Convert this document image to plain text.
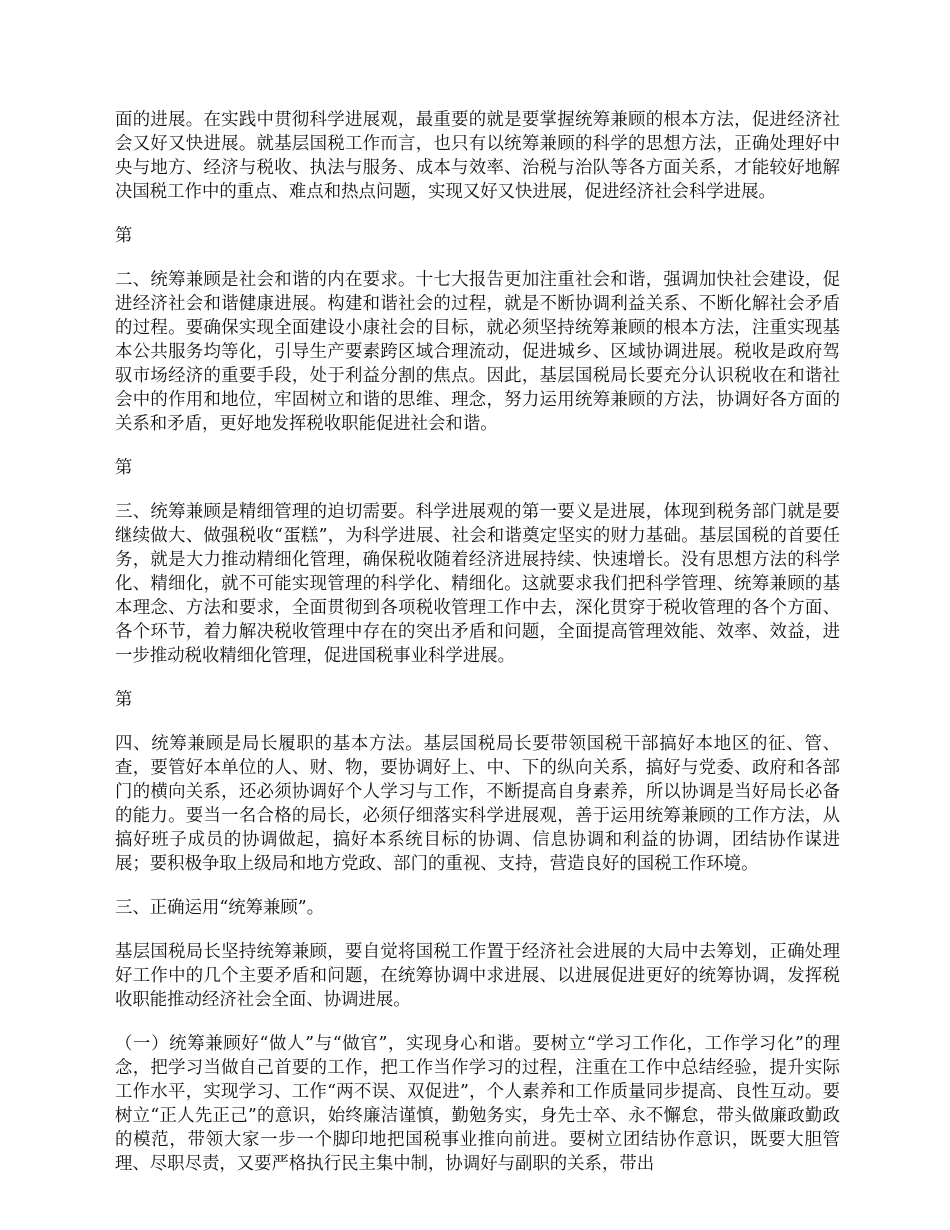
面的进展。在实践中贯彻科学进展观，最重要的就是要掌握统筹兼顾的根本方法，促进经济社会又好又快进展。就基层国税工作而言，也只有以统筹兼顾的科学的思想方法，正确处理好中央与地方、经济与税收、执法与服务、成本与效率、治税与治队等各方面关系，才能较好地解决国税工作中的重点、难点和热点问题，实现又好又快进展，促进经济社会科学进展。

第

二、统筹兼顾是社会和谐的内在要求。十七大报告更加注重社会和谐，强调加快社会建设，促进经济社会和谐健康进展。构建和谐社会的过程，就是不断协调利益关系、不断化解社会矛盾的过程。要确保实现全面建设小康社会的目标，就必须坚持统筹兼顾的根本方法，注重实现基本公共服务均等化，引导生产要素跨区域合理流动，促进城乡、区域协调进展。税收是政府驾驭市场经济的重要手段，处于利益分割的焦点。因此，基层国税局长要充分认识税收在和谐社会中的作用和地位，牢固树立和谐的思维、理念，努力运用统筹兼顾的方法，协调好各方面的关系和矛盾，更好地发挥税收职能促进社会和谐。

第

三、统筹兼顾是精细管理的迫切需要。科学进展观的第一要义是进展，体现到税务部门就是要继续做大、做强税收“蛋糕”，为科学进展、社会和谐奠定坚实的财力基础。基层国税的首要任务，就是大力推动精细化管理，确保税收随着经济进展持续、快速增长。没有思想方法的科学化、精细化，就不可能实现管理的科学化、精细化。这就要求我们把科学管理、统筹兼顾的基本理念、方法和要求，全面贯彻到各项税收管理工作中去，深化贯穿于税收管理的各个方面、各个环节，着力解决税收管理中存在的突出矛盾和问题，全面提高管理效能、效率、效益，进一步推动税收精细化管理，促进国税事业科学进展。

第

四、统筹兼顾是局长履职的基本方法。基层国税局长要带领国税干部搞好本地区的征、管、查，要管好本单位的人、财、物，要协调好上、中、下的纵向关系，搞好与党委、政府和各部门的横向关系，还必须协调好个人学习与工作，不断提高自身素养，所以协调是当好局长必备的能力。要当一名合格的局长，必须仔细落实科学进展观，善于运用统筹兼顾的工作方法，从搞好班子成员的协调做起，搞好本系统目标的协调、信息协调和利益的协调，团结协作谋进展；要积极争取上级局和地方党政、部门的重视、支持，营造良好的国税工作环境。

三、正确运用“统筹兼顾”。

基层国税局长坚持统筹兼顾，要自觉将国税工作置于经济社会进展的大局中去筹划，正确处理好工作中的几个主要矛盾和问题，在统筹协调中求进展、以进展促进更好的统筹协调，发挥税收职能推动经济社会全面、协调进展。

（一）统筹兼顾好“做人”与“做官”，实现身心和谐。要树立“学习工作化，工作学习化”的理念，把学习当做自己首要的工作，把工作当作学习的过程，注重在工作中总结经验，提升实际工作水平，实现学习、工作“两不误、双促进”，个人素养和工作质量同步提高、良性互动。要树立“正人先正己”的意识，始终廉洁谨慎，勤勉务实，身先士卒、永不懈怠，带头做廉政勤政的模范，带领大家一步一个脚印地把国税事业推向前进。要树立团结协作意识，既要大胆管理、尽职尽责，又要严格执行民主集中制，协调好与副职的关系，带出
